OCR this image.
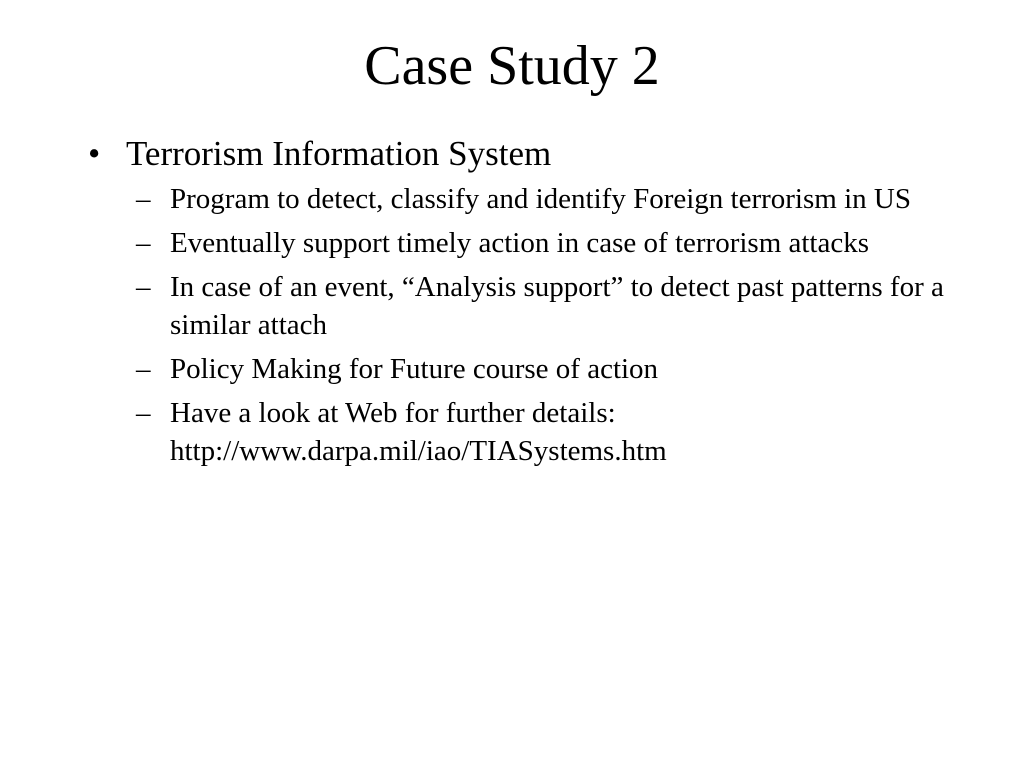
Case Study 2
• Terrorism Information System
– Program to detect, classify and identify Foreign terrorism in US
– Eventually support timely action in case of terrorism attacks
– In case of an event, “Analysis support” to detect past patterns for a similar attach
– Policy Making for Future course of action
– Have a look at Web for further details: http://www.darpa.mil/iao/TIASystems.htm
